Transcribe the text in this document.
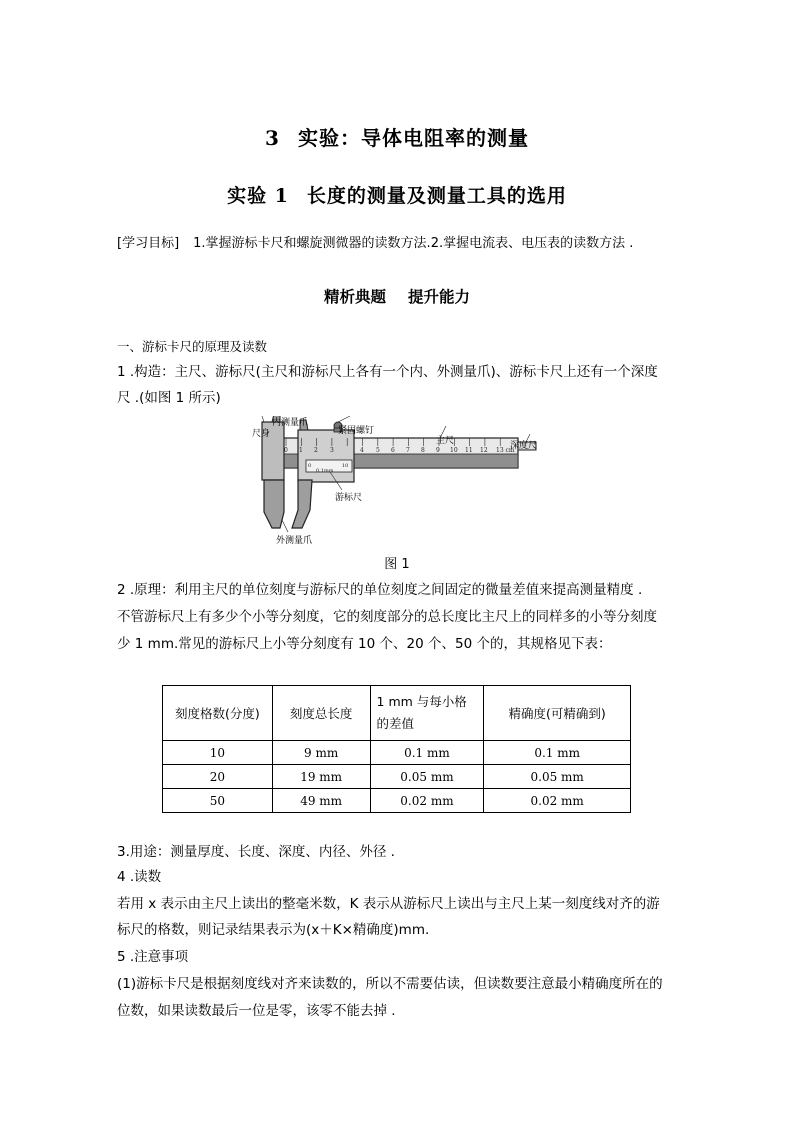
3 实验：导体电阻率的测量
实验 1 长度的测量及测量工具的选用
[学习目标] 1.掌握游标卡尺和螺旋测微器的读数方法.2.掌握电流表、电压表的读数方法 .
精析典题 提升能力
一、游标卡尺的原理及读数
1 .构造：主尺、游标尺(主尺和游标尺上各有一个内、外测量爪)、游标卡尺上还有一个深度
尺 .(如图 1 所示)
0 1 2 3	4 5 6 7 8 9 10 11 12 13 cm
0	10
0.1mm
尺身
内测量爪
紧固螺钉
主尺	深度尺
游标尺
外测量爪
图 1
2 .原理：利用主尺的单位刻度与游标尺的单位刻度之间固定的微量差值来提高测量精度 .
不管游标尺上有多少个小等分刻度，它的刻度部分的总长度比主尺上的同样多的小等分刻度
少 1 mm.常见的游标尺上小等分刻度有 10 个、20 个、50 个的，其规格见下表：
刻度格数(分度)	刻度总长度	1 mm 与每小格
的差值	精确度(可精确到)
10	9 mm	0.1 mm	0.1 mm
20	19 mm	0.05 mm	0.05 mm
50	49 mm	0.02 mm	0.02 mm
3.用途：测量厚度、长度、深度、内径、外径 .
4 .读数
若用 x 表示由主尺上读出的整毫米数，K 表示从游标尺上读出与主尺上某一刻度线对齐的游
标尺的格数，则记录结果表示为(x＋K×精确度)mm.
5 .注意事项
(1)游标卡尺是根据刻度线对齐来读数的，所以不需要估读，但读数要注意最小精确度所在的
位数，如果读数最后一位是零，该零不能去掉 .
